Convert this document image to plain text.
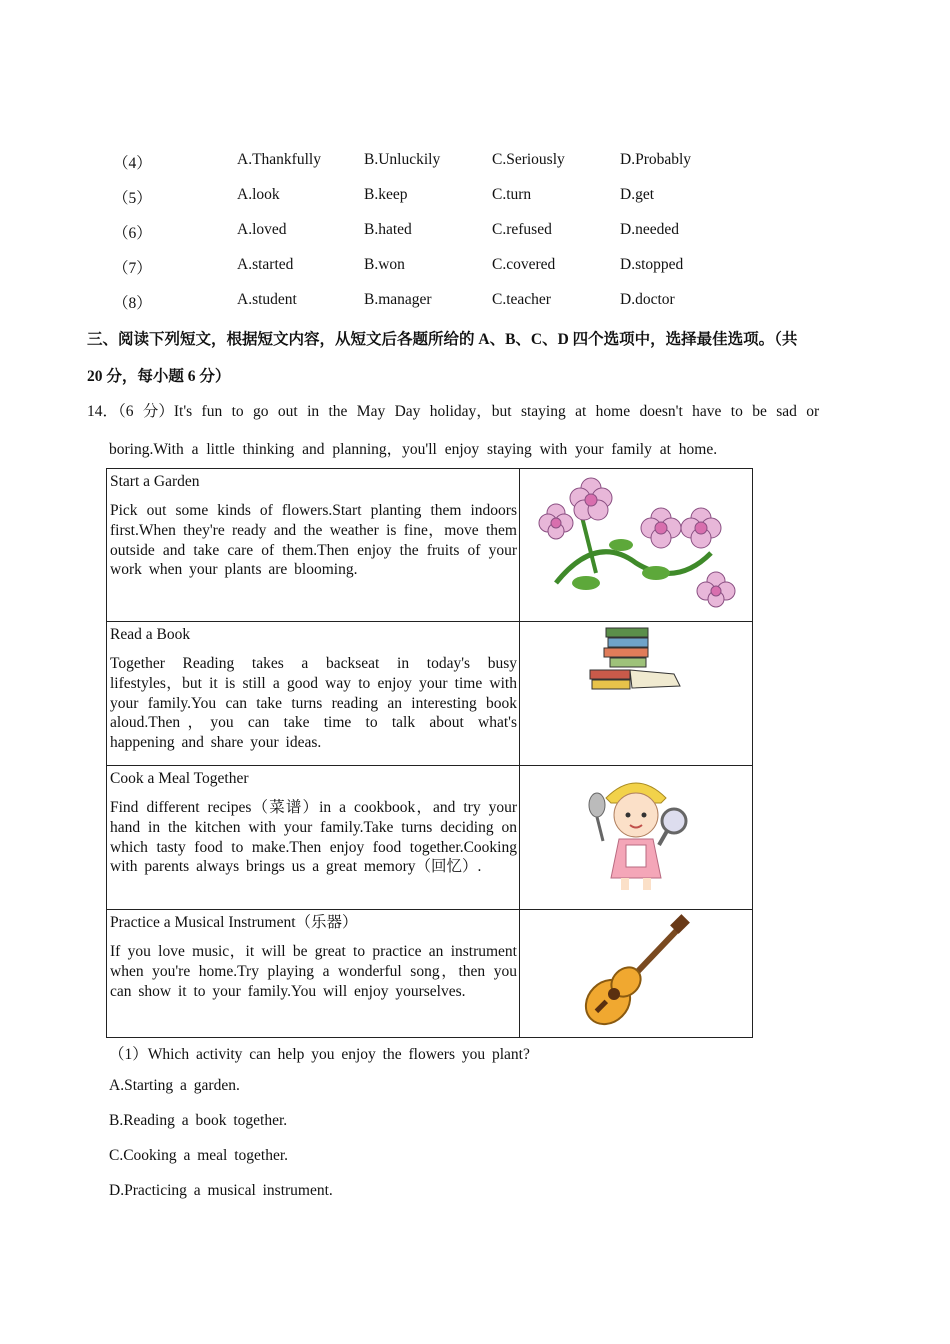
（4）	A.Thankfully	B.Unluckily	C.Seriously	D.Probably
（5）	A.look	B.keep	C.turn	D.get
（6）	A.loved	B.hated	C.refused	D.needed
（7）	A.started	B.won	C.covered	D.stopped
（8）	A.student	B.manager	C.teacher	D.doctor
三、阅读下列短文，根据短文内容，从短文后各题所给的 A、B、C、D 四个选项中，选择最佳选项。（共
20 分，每小题 6 分）
14．（6 分）It's fun to go out in the May Day holiday，but staying at home doesn't have to be sad or
boring.With a little thinking and planning，you'll enjoy staying with your family at home.
Start a Garden
Pick out some kinds of flowers.Start planting them indoors first.When they're ready and the weather is fine，move them outside and take care of them.Then enjoy the fruits of your work when your plants are blooming.

Read a Book
Together Reading takes a backseat in today's busy lifestyles，but it is still a good way to enjoy your time with your family.You can take turns reading an interesting book aloud.Then，you can take time to talk about what's happening and share your ideas.

Cook a Meal Together
Find different recipes（菜谱）in a cookbook，and try your hand in the kitchen with your family.Take turns deciding on which tasty food to make.Then enjoy food together.Cooking with parents always brings us a great memory（回忆）.

Practice a Musical Instrument（乐器）
If you love music，it will be great to practice an instrument when you're home.Try playing a wonderful song，then you can show it to your family.You will enjoy yourselves.

（1）Which activity can help you enjoy the flowers you plant?
A.Starting a garden.
B.Reading a book together.
C.Cooking a meal together.
D.Practicing a musical instrument.
